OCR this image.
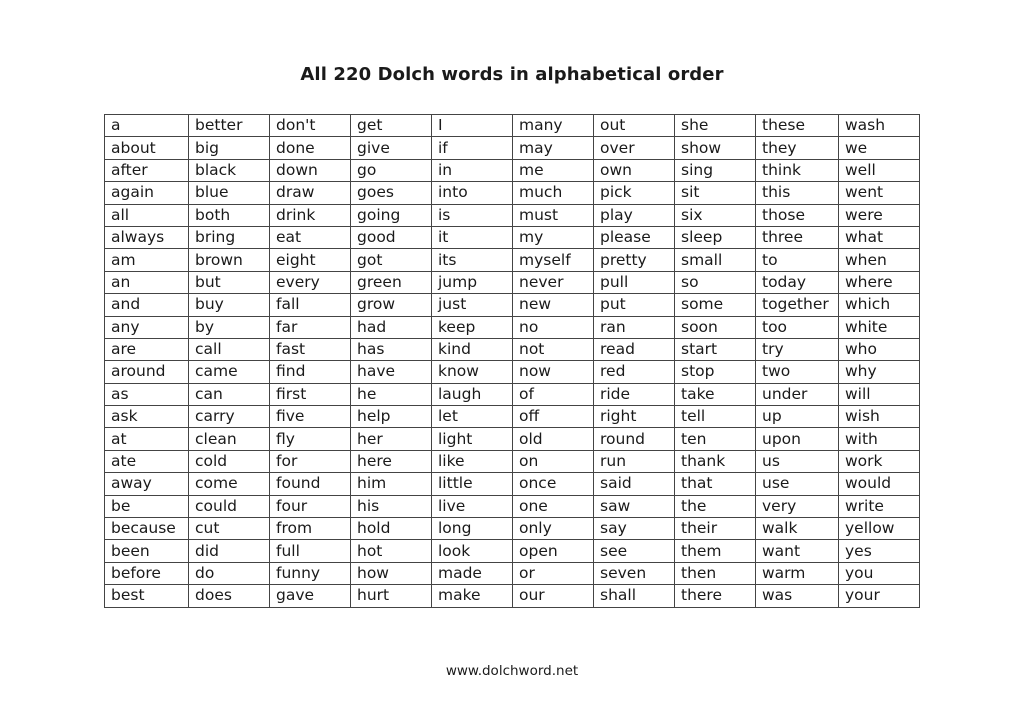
All 220 Dolch words in alphabetical order
a	better	don't	get	I	many	out	she	these	wash
about	big	done	give	if	may	over	show	they	we
after	black	down	go	in	me	own	sing	think	well
again	blue	draw	goes	into	much	pick	sit	this	went
all	both	drink	going	is	must	play	six	those	were
always	bring	eat	good	it	my	please	sleep	three	what
am	brown	eight	got	its	myself	pretty	small	to	when
an	but	every	green	jump	never	pull	so	today	where
and	buy	fall	grow	just	new	put	some	together	which
any	by	far	had	keep	no	ran	soon	too	white
are	call	fast	has	kind	not	read	start	try	who
around	came	find	have	know	now	red	stop	two	why
as	can	first	he	laugh	of	ride	take	under	will
ask	carry	five	help	let	off	right	tell	up	wish
at	clean	fly	her	light	old	round	ten	upon	with
ate	cold	for	here	like	on	run	thank	us	work
away	come	found	him	little	once	said	that	use	would
be	could	four	his	live	one	saw	the	very	write
because	cut	from	hold	long	only	say	their	walk	yellow
been	did	full	hot	look	open	see	them	want	yes
before	do	funny	how	made	or	seven	then	warm	you
best	does	gave	hurt	make	our	shall	there	was	your
www.dolchword.net
